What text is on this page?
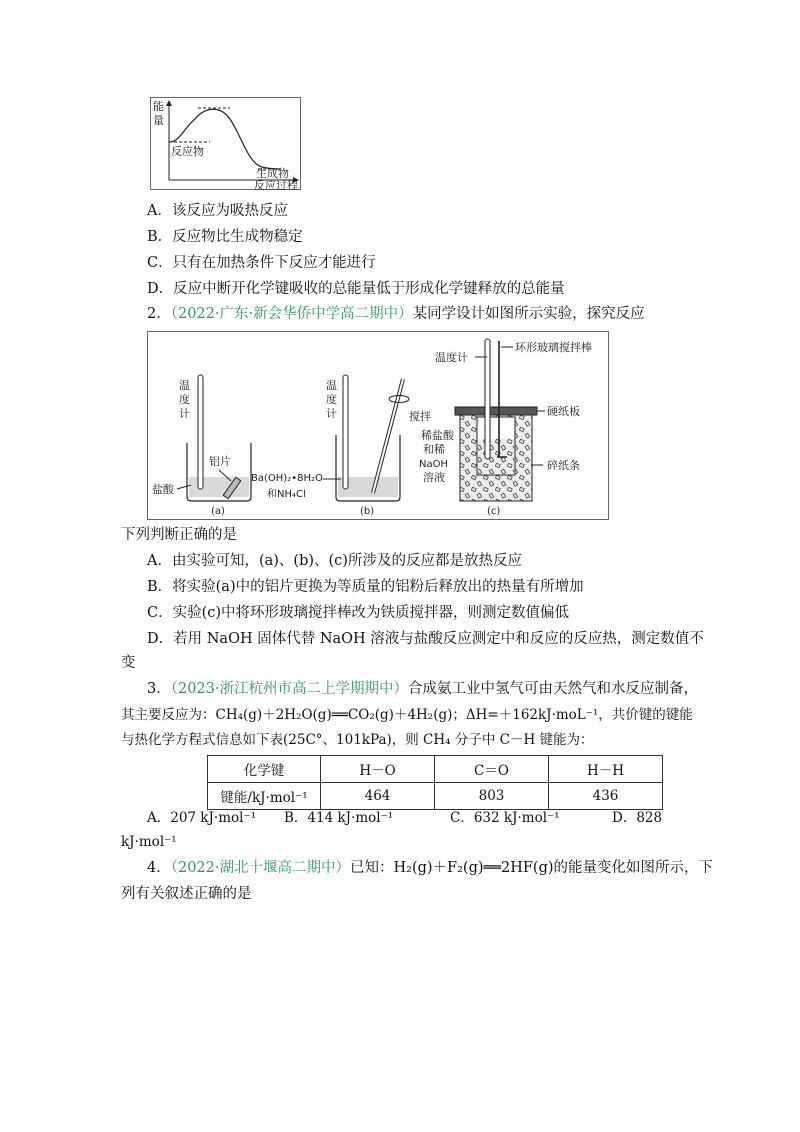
能
量
反应物
生成物
反应过程
A．该反应为吸热反应
B．反应物比生成物稳定
C．只有在加热条件下反应才能进行
D．反应中断开化学键吸收的总能量低于形成化学键释放的总能量
2．（2022·广东·新会华侨中学高二期中）某同学设计如图所示实验，探究反应
温
度
计
铝片
盐酸
(a)
温
度
计	搅拌
Ba(OH)₂•8H₂O
和NH₄Cl
(b)
温度计
环形玻璃搅拌棒
硬纸板
稀盐酸
和稀
NaOH
溶液
碎纸条
(c)
下列判断正确的是
A．由实验可知，(a)、(b)、(c)所涉及的反应都是放热反应
B．将实验(a)中的铝片更换为等质量的铝粉后释放出的热量有所增加
C．实验(c)中将环形玻璃搅拌棒改为铁质搅拌器，则测定数值偏低
D．若用 NaOH 固体代替 NaOH 溶液与盐酸反应测定中和反应的反应热，测定数值不
变
3．（2023·浙江杭州市高二上学期期中）合成氨工业中氢气可由天然气和水反应制备，
其主要反应为：CH₄(g)＋2H₂O(g)══CO₂(g)＋4H₂(g)；ΔH=＋162kJ·moL⁻¹，共价键的键能
与热化学方程式信息如下表(25C°、101kPa)，则 CH₄ 分子中 C－H 键能为：
化学键	H－O	C＝O	H－H
键能/kJ·mol⁻¹	464	803	436
A．207 kJ·mol⁻¹ B．414 kJ·mol⁻¹	C．632 kJ·mol⁻¹	D．828
kJ·mol⁻¹
4．（2022·湖北十堰高二期中）已知：H₂(g)＋F₂(g)══2HF(g)的能量变化如图所示，下
列有关叙述正确的是
